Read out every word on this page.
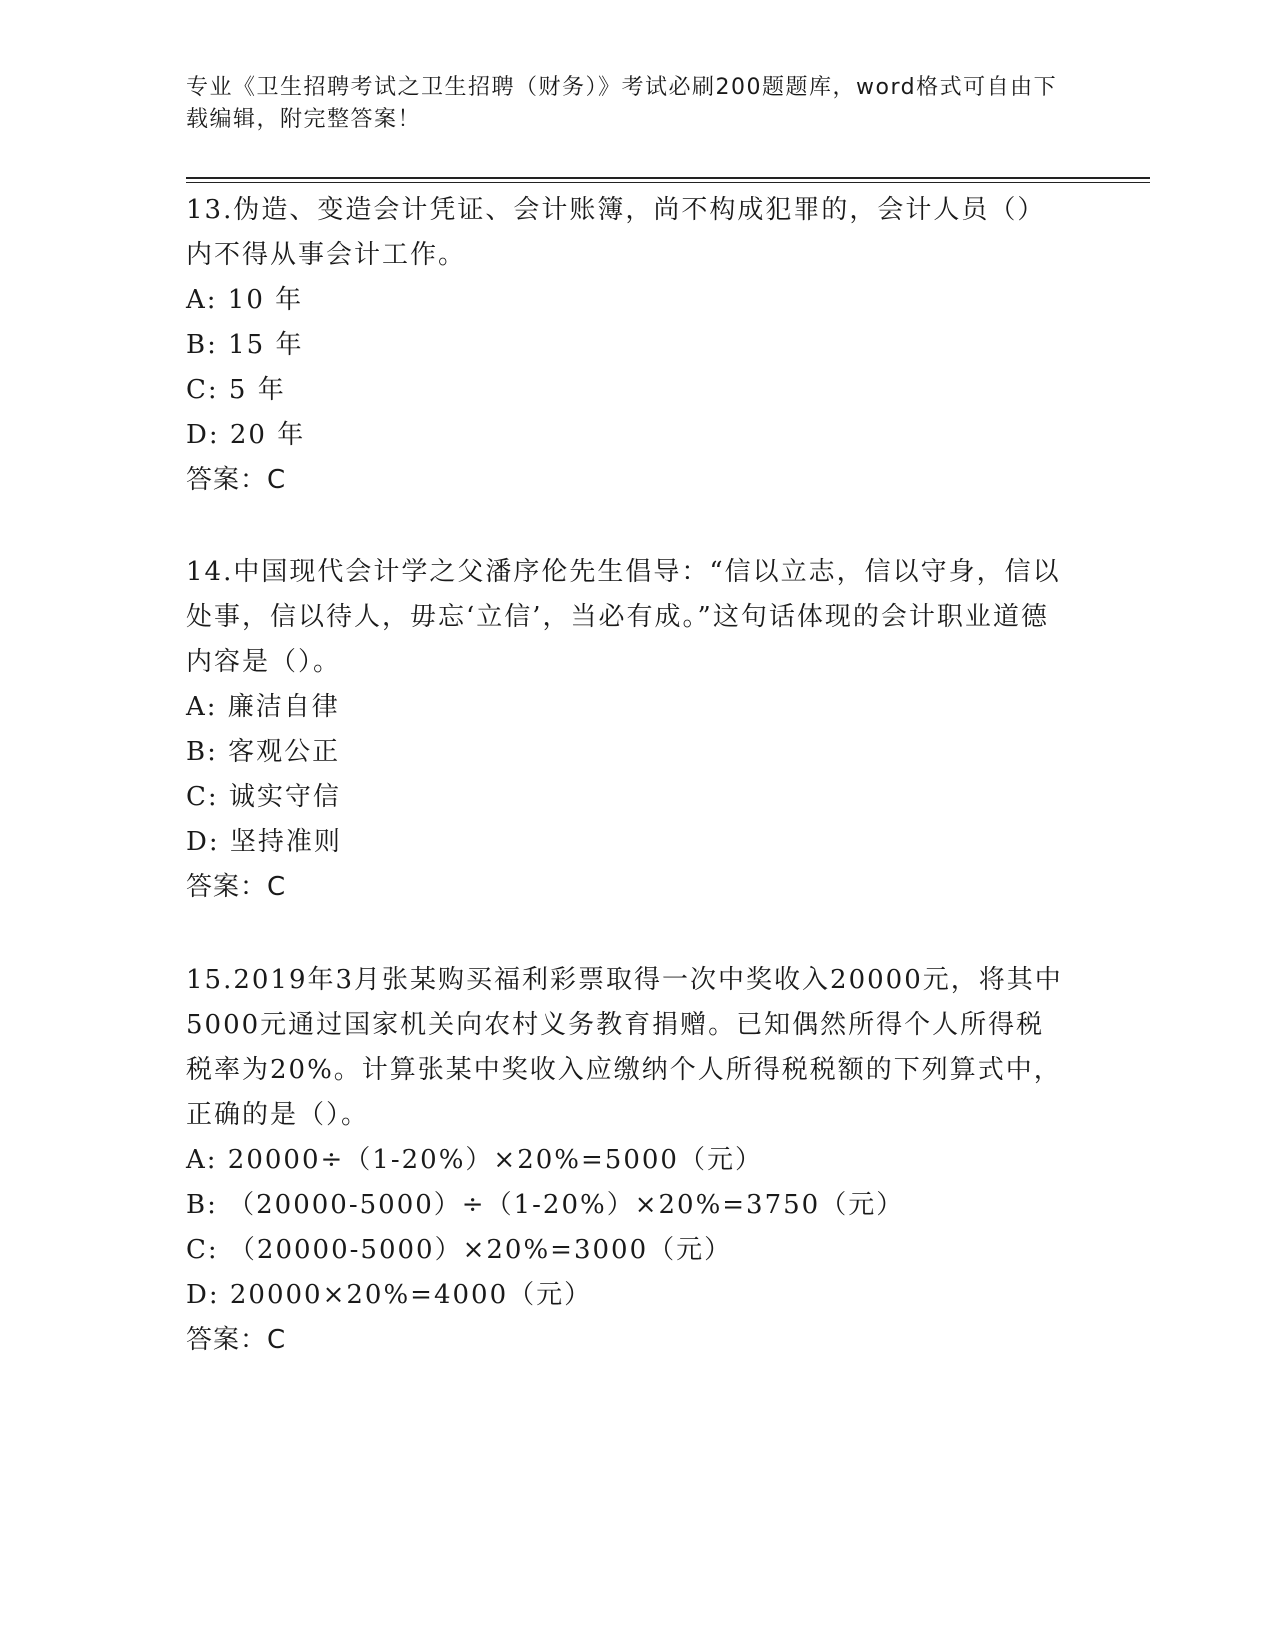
专业《卫生招聘考试之卫生招聘（财务）》考试必刷200题题库，word格式可自由下载编辑，附完整答案！

13.伪造、变造会计凭证、会计账簿，尚不构成犯罪的，会计人员（）内不得从事会计工作。

A: 10 年

B: 15 年

C: 5 年

D: 20 年

答案：C

14.中国现代会计学之父潘序伦先生倡导：“信以立志，信以守身，信以处事，信以待人，毋忘‘立信’，当必有成。”这句话体现的会计职业道德内容是（）。

A: 廉洁自律

B: 客观公正

C: 诚实守信

D: 坚持准则

答案：C

15.2019年3月张某购买福利彩票取得一次中奖收入20000元，将其中5000元通过国家机关向农村义务教育捐赠。已知偶然所得个人所得税税率为20%。计算张某中奖收入应缴纳个人所得税税额的下列算式中，正确的是（）。

A: 20000÷（1-20%）×20%=5000（元）

B: （20000-5000）÷（1-20%）×20%=3750（元）

C: （20000-5000）×20%=3000（元）

D: 20000×20%=4000（元）

答案：C
